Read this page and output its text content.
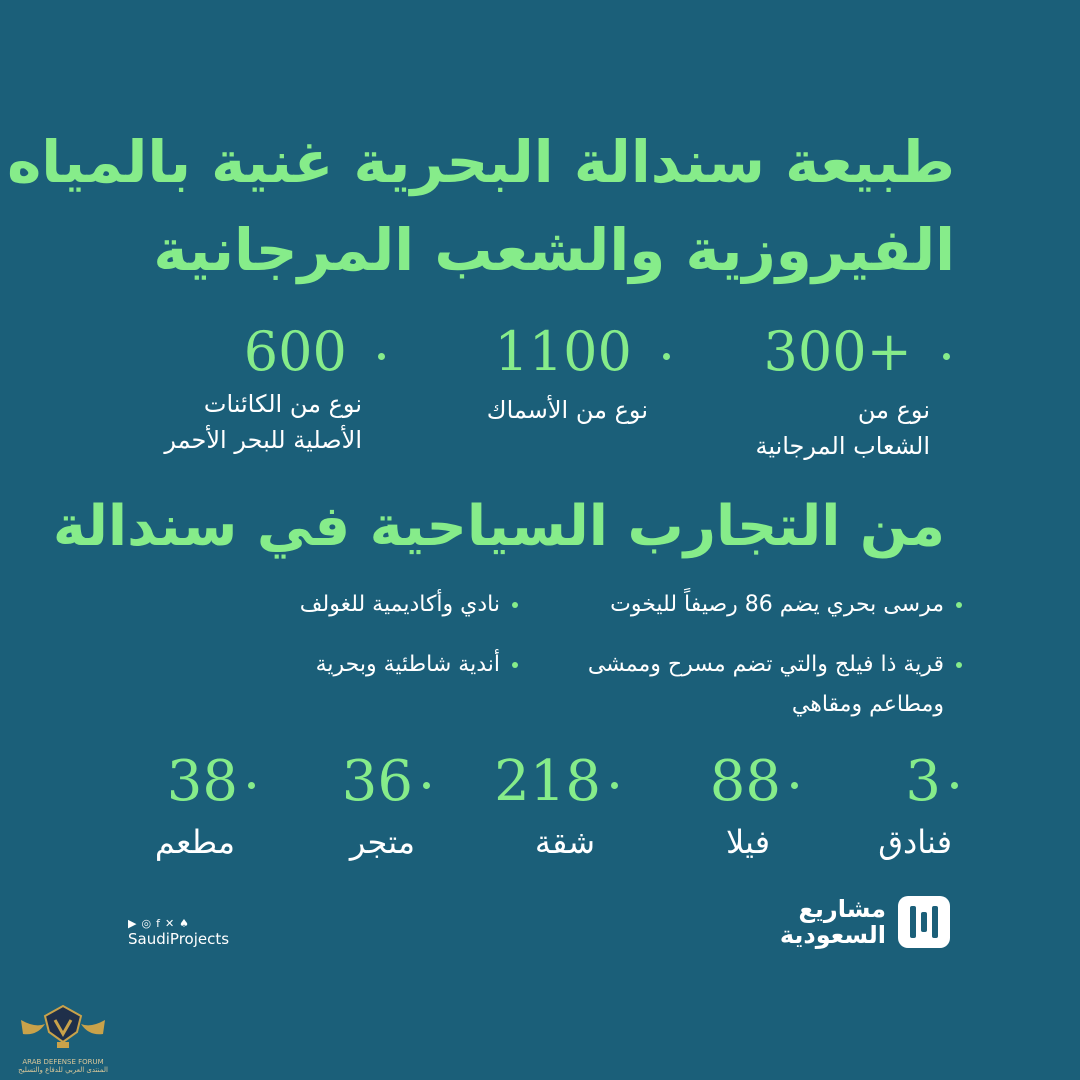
طبيعة سندالة البحرية غنية بالمياه
الفيروزية والشعب المرجانية
300+
نوع من
الشعاب المرجانية
1100
نوع من الأسماك
600
نوع من الكائنات
الأصلية للبحر الأحمر
من التجارب السياحية في سندالة
مرسى بحري يضم 86 رصيفاً لليخوت
قرية ذا فيلج والتي تضم مسرح وممشى
ومطاعم ومقاهي
نادي وأكاديمية للغولف
أندية شاطئية وبحرية
3
فنادق
88
فيلا
218
شقة
36
متجر
38
مطعم
▶ ◎ f ✕ ♠
SaudiProjects
مشاريع
السعودية
ARAB DEFENSE FORUM
المنتدى العربي للدفاع والتسليح
